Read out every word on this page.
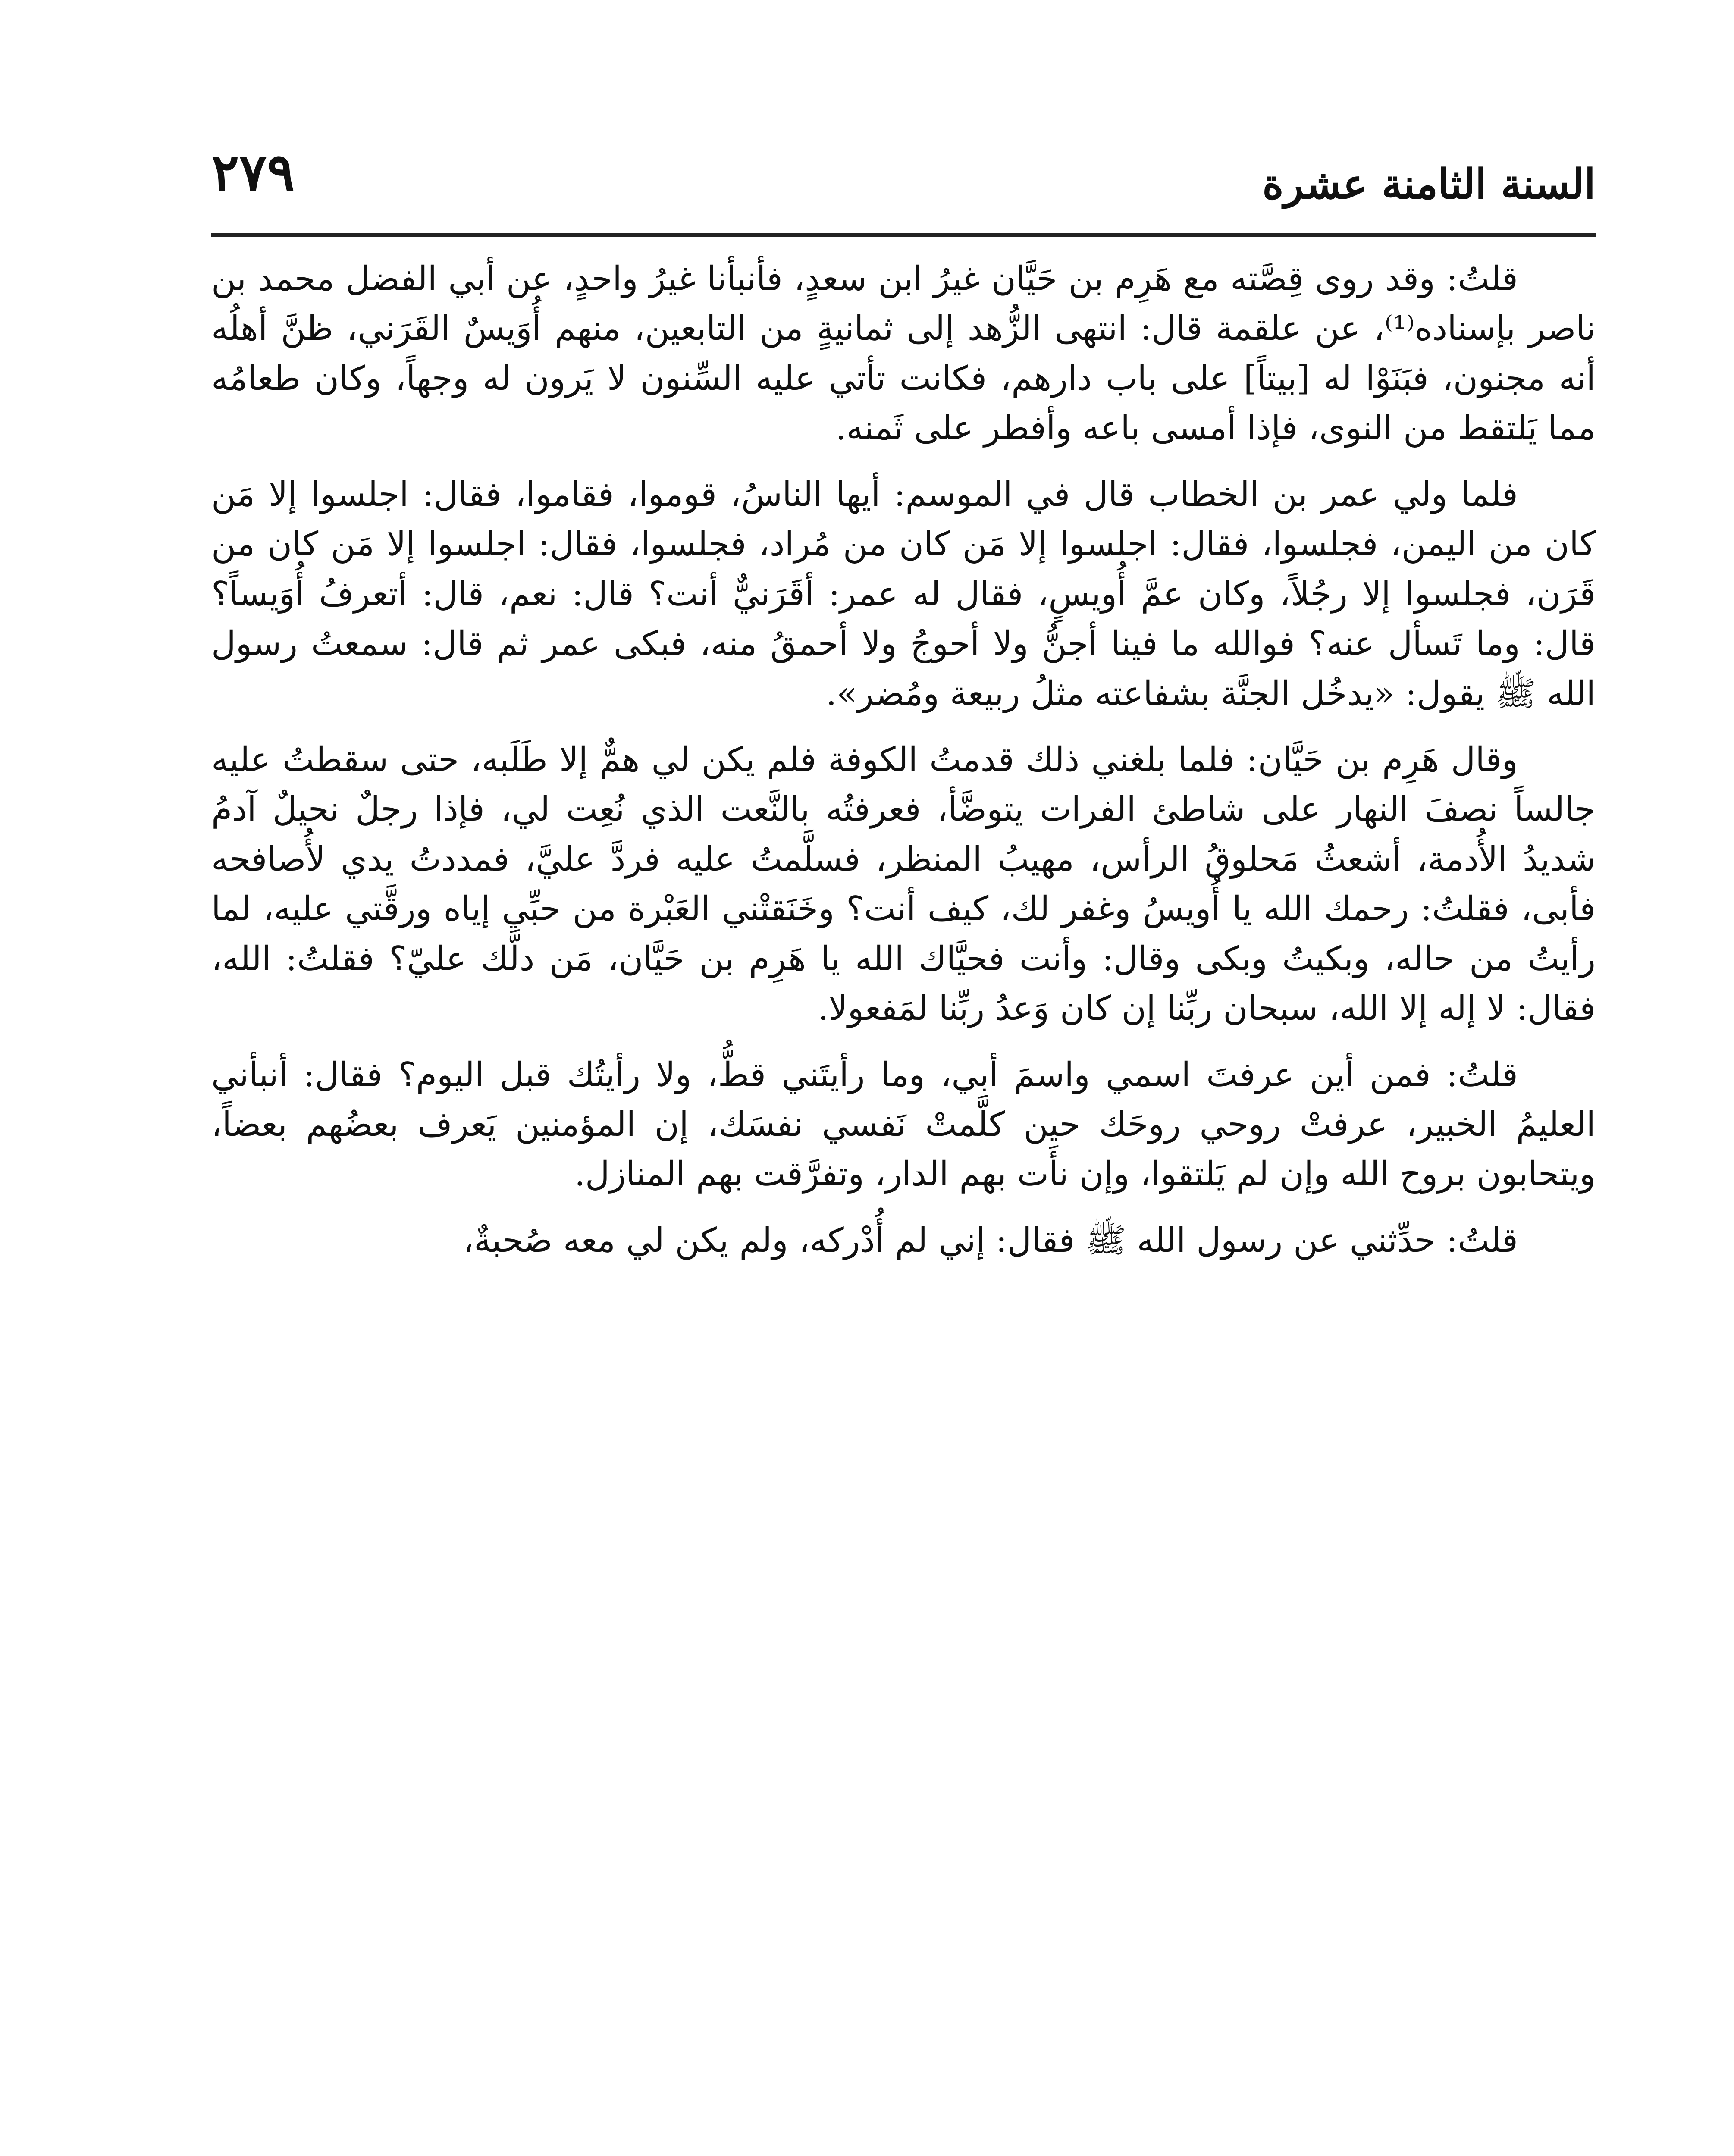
السنة الثامنة عشرة
٢٧٩

قلتُ: وقد روى قِصَّته مع هَرِم بن حَيَّان غيرُ ابن سعدٍ، فأنبأنا غيرُ واحدٍ، عن أبي الفضل محمد بن ناصر بإسناده⁽¹⁾، عن علقمة قال: انتهى الزُّهد إلى ثمانيةٍ من التابعين، منهم أُوَيسٌ القَرَني، ظنَّ أهلُه أنه مجنون، فبَنَوْا له [بيتاً] على باب دارهم، فكانت تأتي عليه السِّنون لا يَرون له وجهاً، وكان طعامُه مما يَلتقط من النوى، فإذا أمسى باعه وأفطر على ثَمنه.

فلما ولي عمر بن الخطاب قال في الموسم: أيها الناسُ، قوموا، فقاموا، فقال: اجلسوا إلا مَن كان من اليمن، فجلسوا، فقال: اجلسوا إلا مَن كان من مُراد، فجلسوا، فقال: اجلسوا إلا مَن كان من قَرَن، فجلسوا إلا رجُلاً، وكان عمَّ أُويسٍ، فقال له عمر: أقَرَنيٌّ أنت؟ قال: نعم، قال: أتعرفُ أُوَيساً؟ قال: وما تَسأل عنه؟ فوالله ما فينا أجنُّ ولا أحوجُ ولا أحمقُ منه، فبكى عمر ثم قال: سمعتُ رسول الله ﷺ يقول: «يدخُل الجنَّة بشفاعته مثلُ ربيعة ومُضر».

وقال هَرِم بن حَيَّان: فلما بلغني ذلك قدمتُ الكوفة فلم يكن لي همٌّ إلا طَلَبه، حتى سقطتُ عليه جالساً نصفَ النهار على شاطئ الفرات يتوضَّأ، فعرفتُه بالنَّعت الذي نُعِت لي، فإذا رجلٌ نحيلٌ آدمُ شديدُ الأُدمة، أشعثُ مَحلوقُ الرأس، مهيبُ المنظر، فسلَّمتُ عليه فردَّ عليَّ، فمددتُ يدي لأُصافحه فأبى، فقلتُ: رحمك الله يا أُويسُ وغفر لك، كيف أنت؟ وخَنَقتْني العَبْرة من حبِّي إياه ورقَّتي عليه، لما رأيتُ من حاله، وبكيتُ وبكى وقال: وأنت فحيَّاك الله يا هَرِم بن حَيَّان، مَن دلَّك عليّ؟ فقلتُ: الله، فقال: لا إله إلا الله، سبحان ربِّنا إن كان وَعدُ ربِّنا لمَفعولا.

قلتُ: فمن أين عرفتَ اسمي واسمَ أبي، وما رأيتَني قطُّ، ولا رأيتُك قبل اليوم؟ فقال: أنبأني العليمُ الخبير، عرفتْ روحي روحَك حين كلَّمتْ نَفسي نفسَك، إن المؤمنين يَعرف بعضُهم بعضاً، ويتحابون بروح الله وإن لم يَلتقوا، وإن نأَت بهم الدار، وتفرَّقت بهم المنازل.

قلتُ: حدِّثني عن رسول الله ﷺ فقال: إني لم أُدْركه، ولم يكن لي معه صُحبةٌ،
